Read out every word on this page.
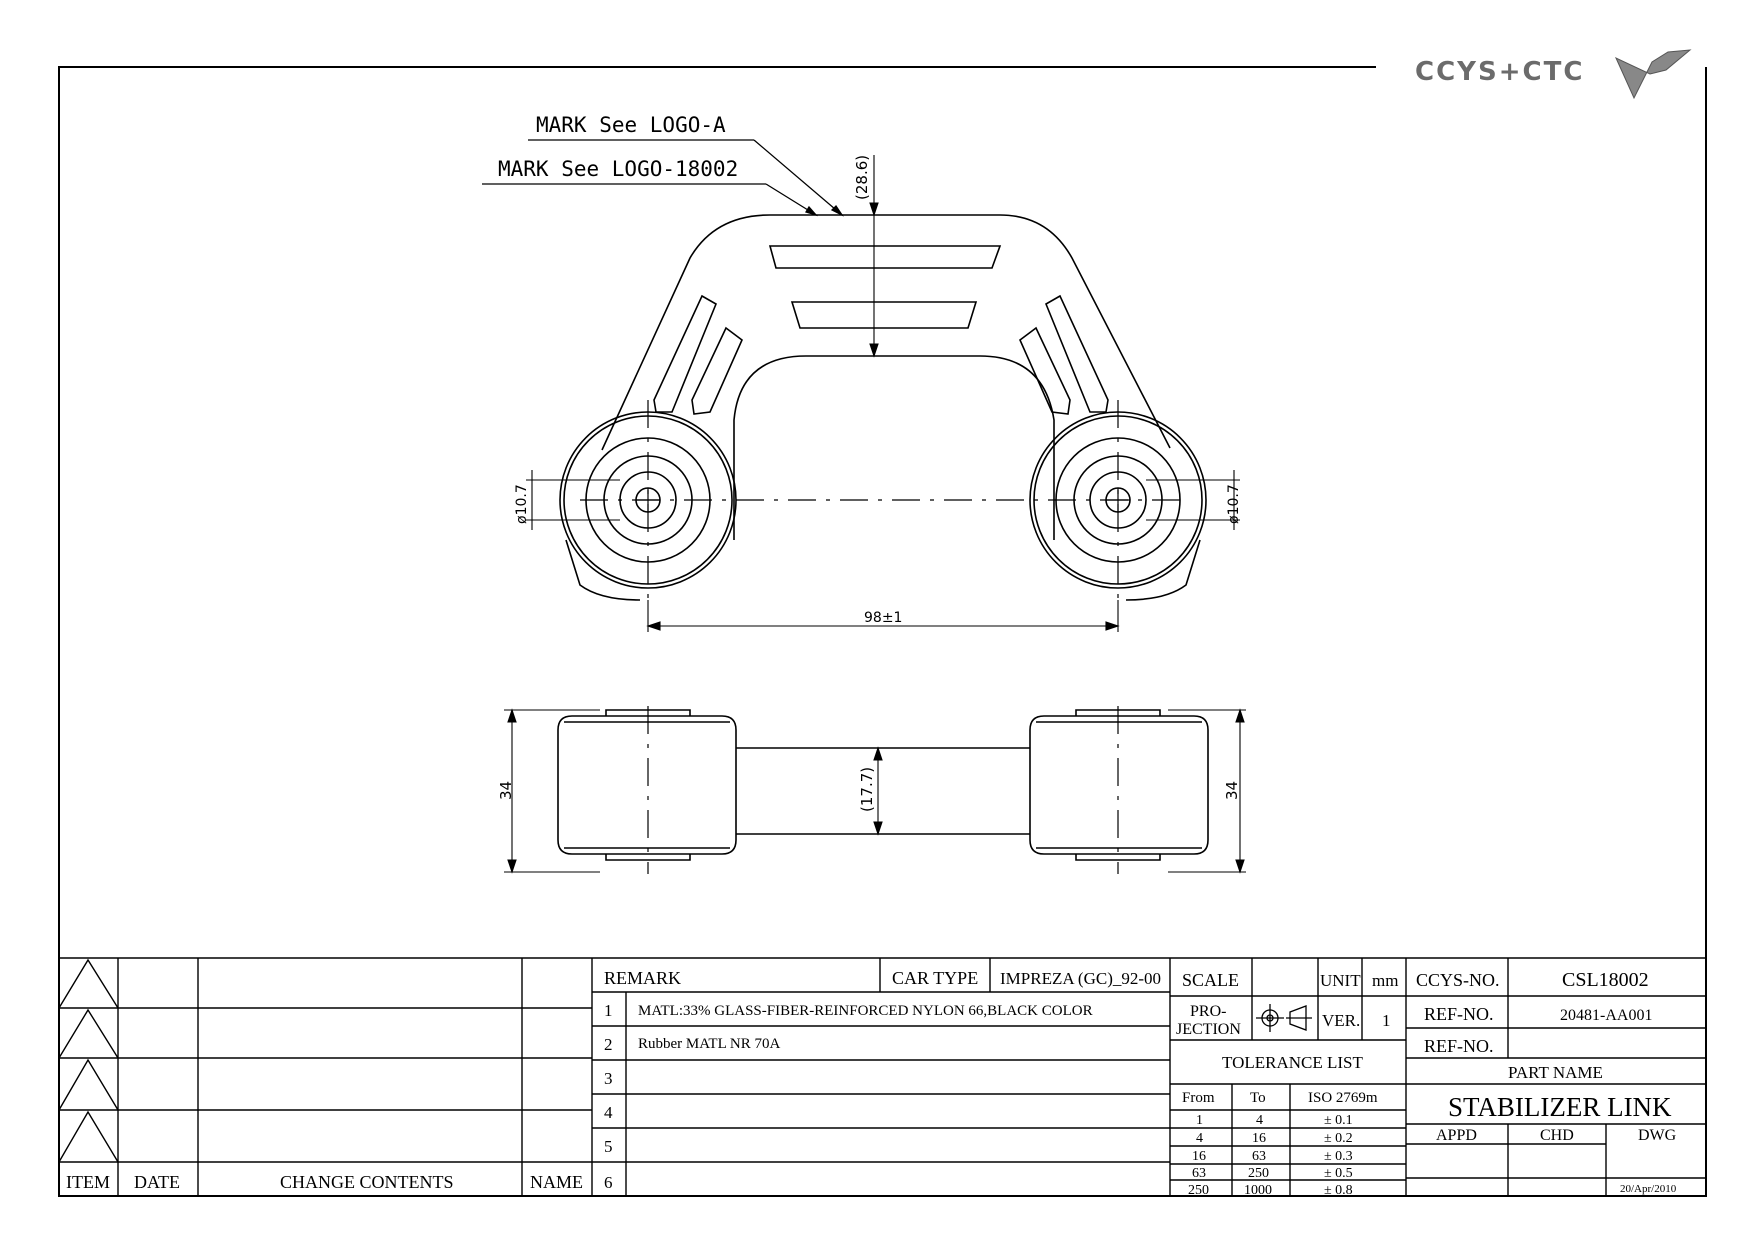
CCYS+CTC
MARK See LOGO-A
MARK See LOGO-18002	(28.6)
ø10.7	ø10.7
98±1
34	34
(17.7)
ITEM DATE	CHANGE CONTENTS	NAME
REMARK	CAR TYPE IMPREZA (GC)_92-00
1 MATL:33% GLASS-FIBER-REINFORCED NYLON 66,BLACK COLOR
2 Rubber MATL NR 70A
3
4
5
6
SCALE	UNIT mm
PRO-
JECTION	VER. 1
TOLERANCE LIST
From To	ISO 2769m
1	4	± 0.1
4	16	± 0.2
16	63	± 0.3
63	250	± 0.5
250	1000	± 0.8
CCYS-NO.	CSL18002
REF-NO.	20481-AA001
REF-NO.
PART NAME
STABILIZER LINK
APPD	CHD	DWG
20/Apr/2010
